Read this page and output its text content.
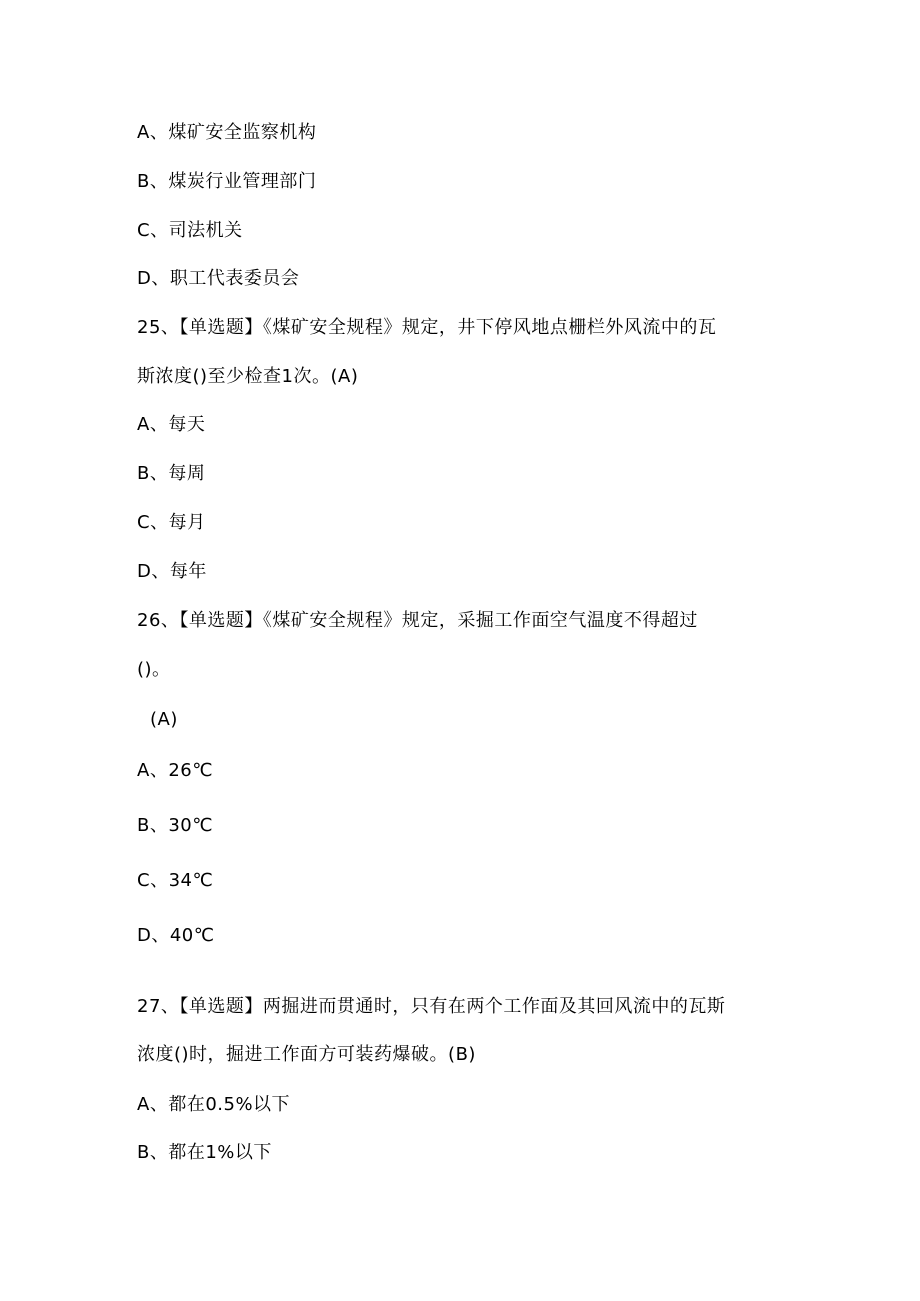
A、煤矿安全监察机构
B、煤炭行业管理部门
C、司法机关
D、职工代表委员会
25、【单选题】《煤矿安全规程》规定，井下停风地点栅栏外风流中的瓦
斯浓度()至少检查1次。(A)
A、每天
B、每周
C、每月
D、每年
26、【单选题】《煤矿安全规程》规定，采掘工作面空气温度不得超过
()。
(A)
A、26℃
B、30℃
C、34℃
D、40℃
27、【单选题】两掘进而贯通时，只有在两个工作面及其回风流中的瓦斯
浓度()时，掘进工作面方可装药爆破。(B)
A、都在0.5%以下
B、都在1%以下
